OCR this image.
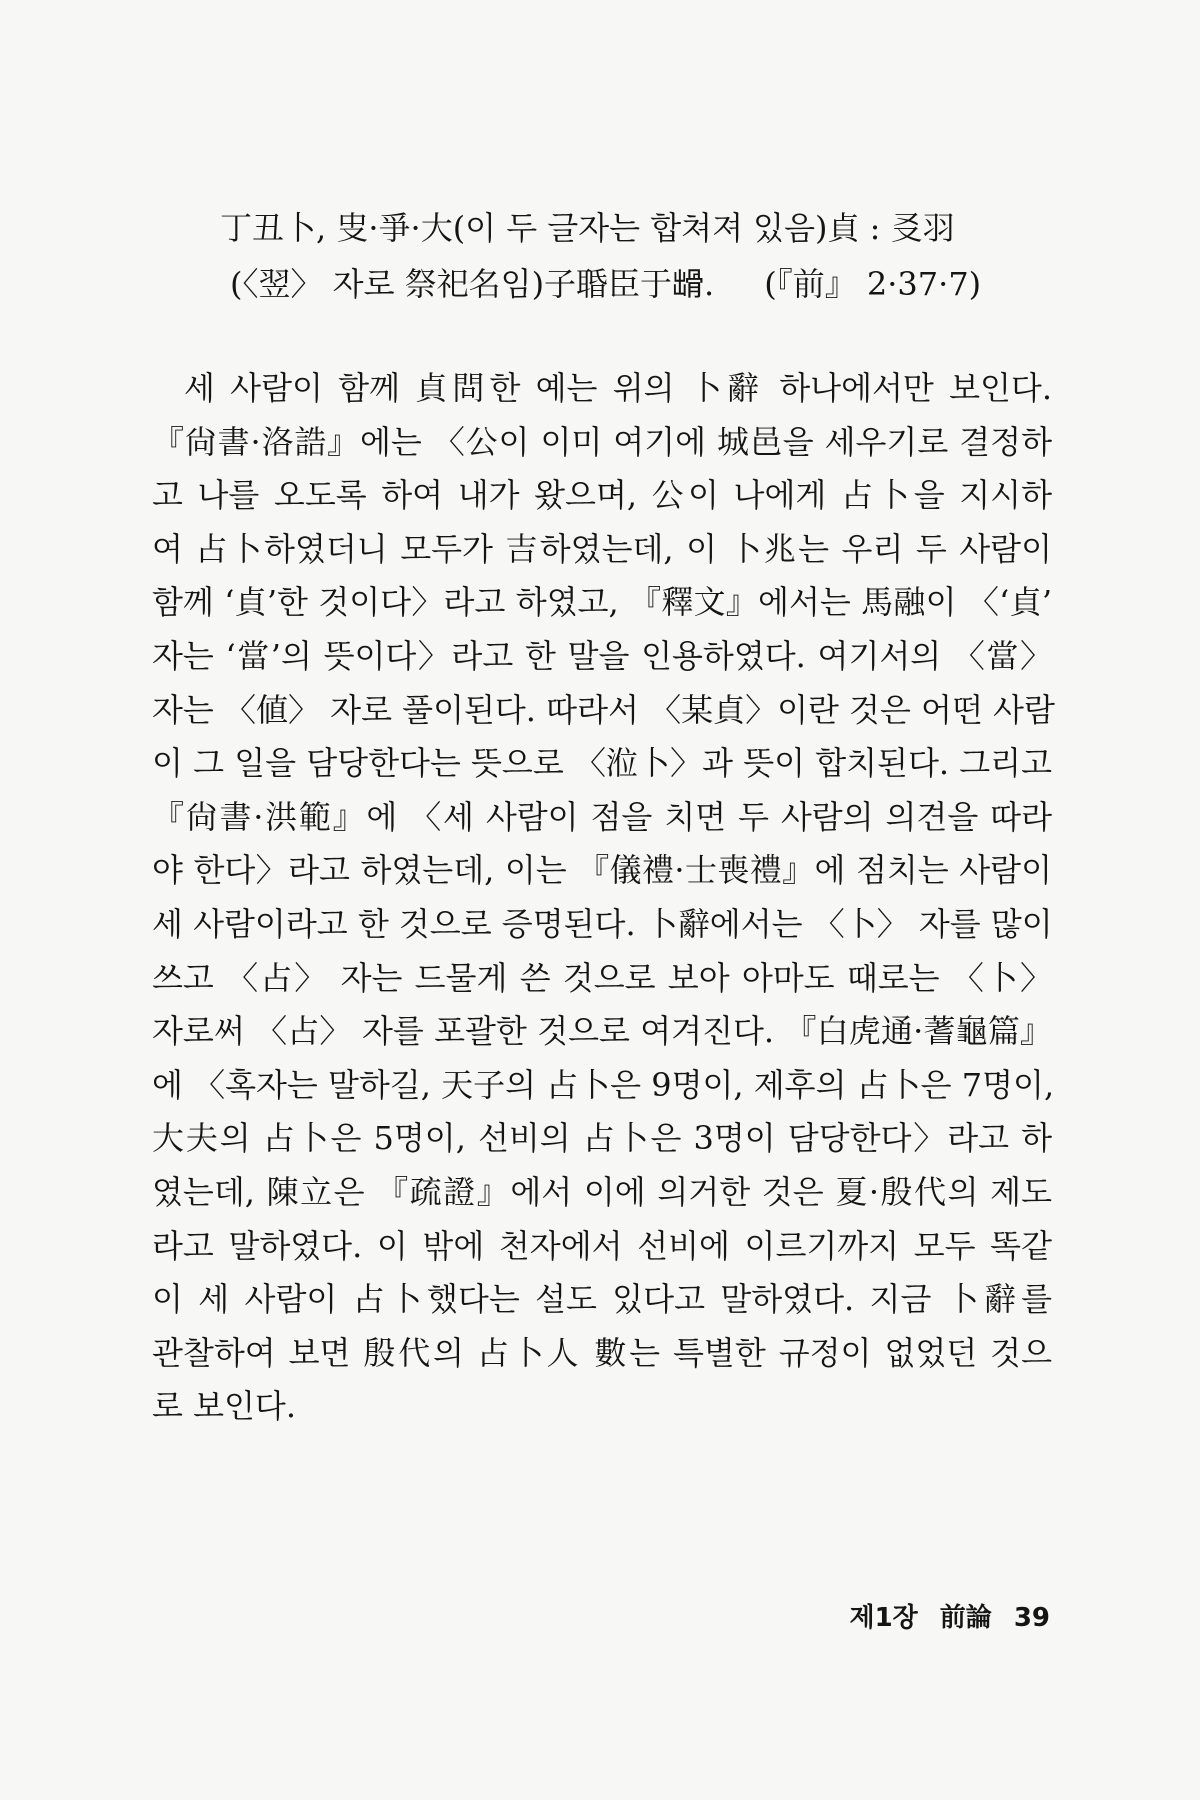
丁丑卜, 㕜·爭·大(이 두 글자는 합쳐져 있음)貞 : 㕛羽
(〈翌〉 자로 祭祀名임)子䎽臣于𩨳. (『前』 2·37·7)
세 사람이 함께 貞問한 예는 위의 卜辭 하나에서만 보인다.
『尙書·洛誥』에는 〈公이 이미 여기에 城邑을 세우기로 결정하
고 나를 오도록 하여 내가 왔으며, 公이 나에게 占卜을 지시하
여 占卜하였더니 모두가 吉하였는데, 이 卜兆는 우리 두 사람이
함께 ‘貞’한 것이다〉라고 하였고, 『釋文』에서는 馬融이 〈‘貞’
자는 ‘當’의 뜻이다〉라고 한 말을 인용하였다. 여기서의 〈當〉
자는 〈値〉 자로 풀이된다. 따라서 〈某貞〉이란 것은 어떤 사람
이 그 일을 담당한다는 뜻으로 〈涖卜〉과 뜻이 합치된다. 그리고
『尙書·洪範』에 〈세 사람이 점을 치면 두 사람의 의견을 따라
야 한다〉라고 하였는데, 이는 『儀禮·士喪禮』에 점치는 사람이
세 사람이라고 한 것으로 증명된다. 卜辭에서는 〈卜〉 자를 많이
쓰고 〈占〉 자는 드물게 쓴 것으로 보아 아마도 때로는 〈卜〉
자로써 〈占〉 자를 포괄한 것으로 여겨진다. 『白虎通·蓍龜篇』
에 〈혹자는 말하길, 天子의 占卜은 9명이, 제후의 占卜은 7명이,
大夫의 占卜은 5명이, 선비의 占卜은 3명이 담당한다〉라고 하
였는데, 陳立은 『疏證』에서 이에 의거한 것은 夏·殷代의 제도
라고 말하였다. 이 밖에 천자에서 선비에 이르기까지 모두 똑같
이 세 사람이 占卜했다는 설도 있다고 말하였다. 지금 卜辭를
관찰하여 보면 殷代의 占卜人 數는 특별한 규정이 없었던 것으
로 보인다.
제1장 前論 39
